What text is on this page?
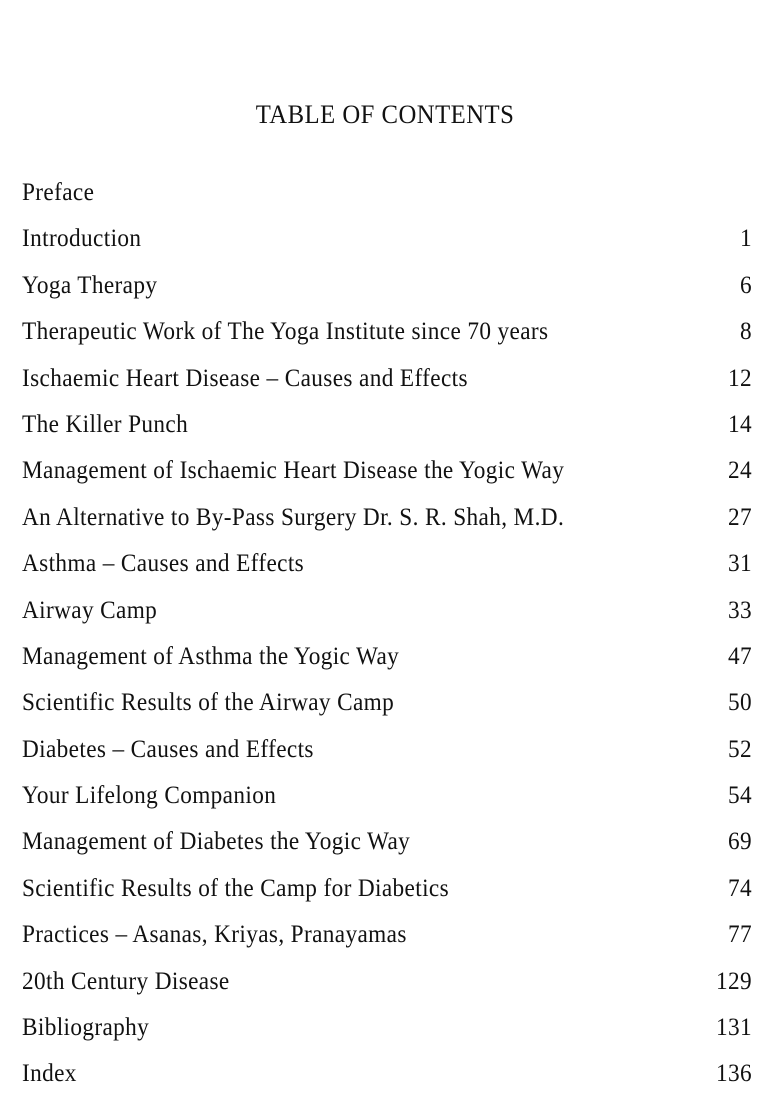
TABLE OF CONTENTS
Preface
Introduction	1
Yoga Therapy	6
Therapeutic Work of The Yoga Institute since 70 years	8
Ischaemic Heart Disease – Causes and Effects	12
The Killer Punch	14
Management of Ischaemic Heart Disease the Yogic Way	24
An Alternative to By-Pass Surgery Dr. S. R. Shah, M.D.	27
Asthma – Causes and Effects	31
Airway Camp	33
Management of Asthma the Yogic Way	47
Scientific Results of the Airway Camp	50
Diabetes – Causes and Effects	52
Your Lifelong Companion	54
Management of Diabetes the Yogic Way	69
Scientific Results of the Camp for Diabetics	74
Practices – Asanas, Kriyas, Pranayamas	77
20th Century Disease	129
Bibliography	131
Index	136
